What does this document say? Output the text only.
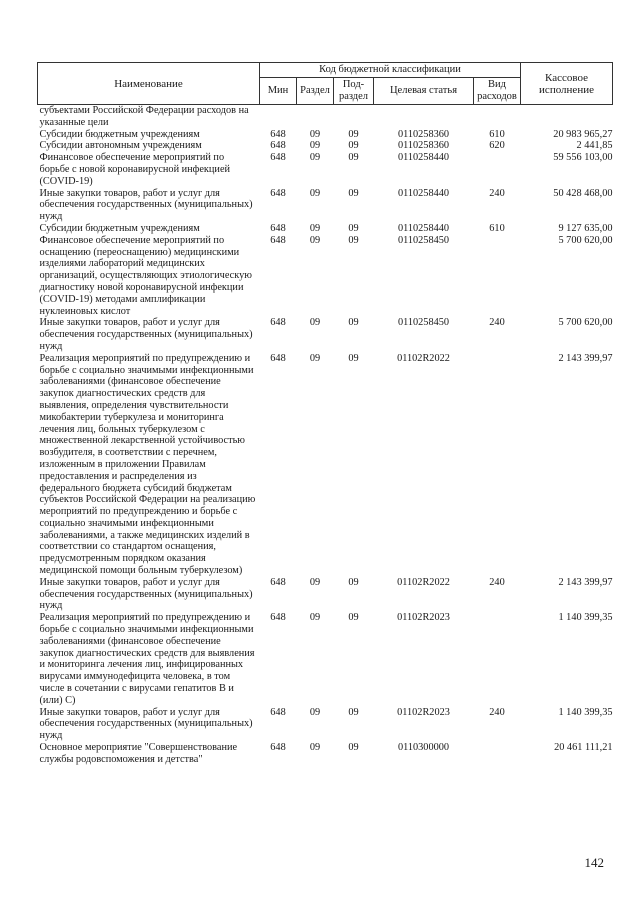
Наименование	Код бюджетной классификации					Кассовое исполнение
	Мин	Раздел	Под- раздел	Целевая статья	Вид расходов	
субъектами Российской Федерации расходов на указанные цели						
Субсидии бюджетным учреждениям	648	09	09	0110258360	610	20 983 965,27
Субсидии автономным учреждениям	648	09	09	0110258360	620	2 441,85
Финансовое обеспечение мероприятий по борьбе с новой коронавирусной инфекцией (COVID-19)	648	09	09	0110258440		59 556 103,00
Иные закупки товаров, работ и услуг для обеспечения государственных (муниципальных) нужд	648	09	09	0110258440	240	50 428 468,00
Субсидии бюджетным учреждениям	648	09	09	0110258440	610	9 127 635,00
Финансовое обеспечение мероприятий по оснащению (переоснащению) медицинскими изделиями лабораторий медицинских организаций, осуществляющих этиологическую диагностику новой коронавирусной инфекции (COVID-19) методами амплификации нуклеиновых кислот	648	09	09	0110258450		5 700 620,00
Иные закупки товаров, работ и услуг для обеспечения государственных (муниципальных) нужд	648	09	09	0110258450	240	5 700 620,00
Реализация мероприятий по предупреждению и борьбе с социально значимыми инфекционными заболеваниями (финансовое обеспечение закупок диагностических средств для выявления, определения чувствительности микобактерии туберкулеза и мониторинга лечения лиц, больных туберкулезом с множественной лекарственной устойчивостью возбудителя, в соответствии с перечнем, изложенным в приложении Правилам предоставления и распределения из федерального бюджета субсидий бюджетам субъектов Российской Федерации на реализацию мероприятий по предупреждению и борьбе с социально значимыми инфекционными заболеваниями, а также медицинских изделий в соответствии со стандартом оснащения, предусмотренным порядком оказания медицинской помощи больным туберкулезом)	648	09	09	01102R2022		2 143 399,97
Иные закупки товаров, работ и услуг для обеспечения государственных (муниципальных) нужд	648	09	09	01102R2022	240	2 143 399,97
Реализация мероприятий по предупреждению и борьбе с социально значимыми инфекционными заболеваниями (финансовое обеспечение закупок диагностических средств для выявления и мониторинга лечения лиц, инфицированных вирусами иммунодефицита человека, в том числе в сочетании с вирусами гепатитов В и (или) С)	648	09	09	01102R2023		1 140 399,35
Иные закупки товаров, работ и услуг для обеспечения государственных (муниципальных) нужд	648	09	09	01102R2023	240	1 140 399,35
Основное мероприятие "Совершенствование службы родовспоможения и детства"	648	09	09	0110300000		20 461 111,21
142
